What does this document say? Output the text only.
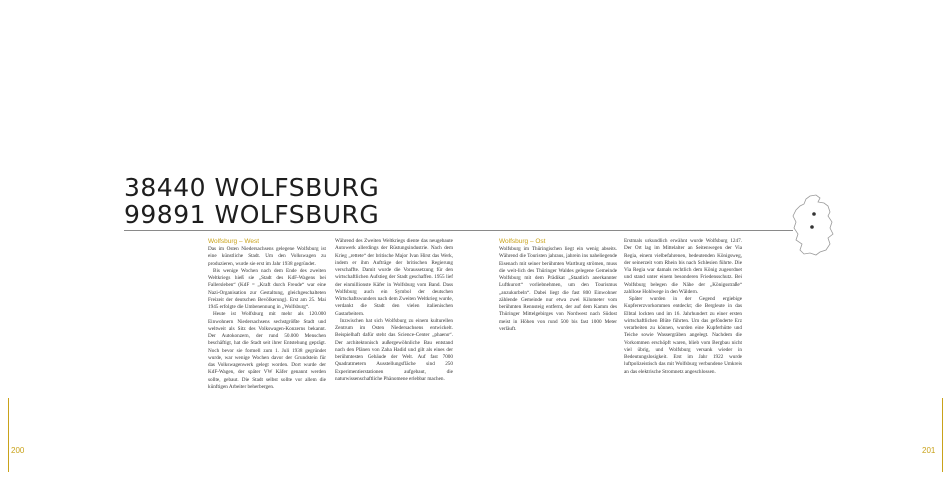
38440 WOLFSBURG
99891 WOLFSBURG
Wolfsburg – West

Das im Osten Niedersachsens gelegene Wolfsburg ist eine künstliche Stadt. Um den Volkswagen zu produzieren, wurde sie erst im Jahr 1938 gegründet.

Bis wenige Wochen nach dem Ende des zweiten Weltkriegs hieß sie „Stadt des KdF-Wagens bei Fallersleben“ (KdF = „Kraft durch Freude“ war eine Nazi-Organisation zur Gestaltung, gleichgeschalteten Freizeit der deutschen Bevölkerung). Erst am 25. Mai 1945 erfolgte die Umbenennung in „Wolfsburg“.

Heute ist Wolfsburg mit mehr als 120.000 Einwohnern Niedersachsens sechstgrößte Stadt und weltweit als Sitz des Volkswagen-Konzerns bekannt. Der Autokonzern, der rund 50.000 Menschen beschäftigt, hat die Stadt seit ihrer Entstehung geprägt. Noch bevor sie formell zum 1. Juli 1938 gegründet wurde, war wenige Wochen davor der Grundstein für das Volkswagenwerk gelegt worden. Dort wurde der KdF-Wagen, der später VW Käfer genannt werden sollte, gebaut. Die Stadt selbst sollte vor allem die künftigen Arbeiter beherbergen.

Während des Zweiten Weltkriegs diente das neugebaute Autowerk allerdings der Rüstungsindustrie. Nach dem Krieg „rettete“ der britische Major Ivan Hirst das Werk, indem er ihm Aufträge der britischen Regierung verschaffte. Damit wurde die Voraussetzung für den wirtschaftlichen Aufstieg der Stadt geschaffen. 1955 lief der einmillionste Käfer in Wolfsburg vom Band. Dass Wolfsburg auch ein Symbol der deutschen Wirtschaftswunders nach dem Zweiten Weltkrieg wurde, verdankt die Stadt den vielen italienischen Gastarbeitern.

Inzwischen hat sich Wolfsburg zu einem kulturellen Zentrum im Osten Niedersachsens entwickelt. Beispielhaft dafür steht das Science-Center „phaeno“. Der architektonisch außergewöhnliche Bau entstand nach den Plänen von Zaha Hadid und gilt als eines der berühmtesten Gebäude der Welt. Auf fast 7000 Quadratmetern Ausstellungsfläche sind 250 Experimentierstationen aufgebaut, die naturwissenschaftliche Phänomene erlebbar machen.

Wolfsburg – Ost

Wolfsburg im Thüringischen liegt ein wenig abseits. Während die Touristen jahraus, jahrein ins naheliegende Eisenach mit seiner berühmten Wartburg strömen, muss die weit-lich des Thüringer Waldes gelegene Gemeinde Wolfsburg mit dem Prädikat „Staatlich anerkannter Luftkurort“ vorliebnehmen, um den Tourismus „anzukurbeln“. Dabei liegt die fast 800 Einwohner zählende Gemeinde nur etwa zwei Kilometer vom berühmten Rennsteig entfernt, der auf dem Kamm des Thüringer Mittelgebirges von Nordwest nach Südost meist in Höhen von rund 500 bis fast 1000 Meter verläuft.

Erstmals urkundlich erwähnt wurde Wolfsburg 1247. Der Ort lag im Mittelalter an Seitenwegen der Via Regia, einem vielbefahrenen, bedeutenden Königsweg, der seinerzeit vom Rhein bis nach Schlesien führte. Die Via Regia war damals rechtlich dem König zugeordnet und stand unter einem besonderen Friedensschutz. Bei Wolfsburg belegen die Nähe der „Königsstraße“ zahllose Hohlwege in den Wäldern.

Später wurden in der Gegend ergiebige Kupfererzvorkommen entdeckt; die Bergleute in das Elbtal lockten und im 16. Jahrhundert zu einer ersten wirtschaftlichen Blüte führten. Um das gefönderte Erz verarbeiten zu können, wurden eine Kupferhütte und Teiche sowie Wassergräben angelegt. Nachdem die Vorkommen erschöpft waren, blieb vom Bergbau nicht viel übrig, und Wolfsburg versank wieder in Bedeutungslosigkeit. Erst im Jahr 1922 wurde luftpolizeistisch das mit Wolfsburg verbundene Umkreis an das elektrische Stromnetz angeschlossen.

200	201
